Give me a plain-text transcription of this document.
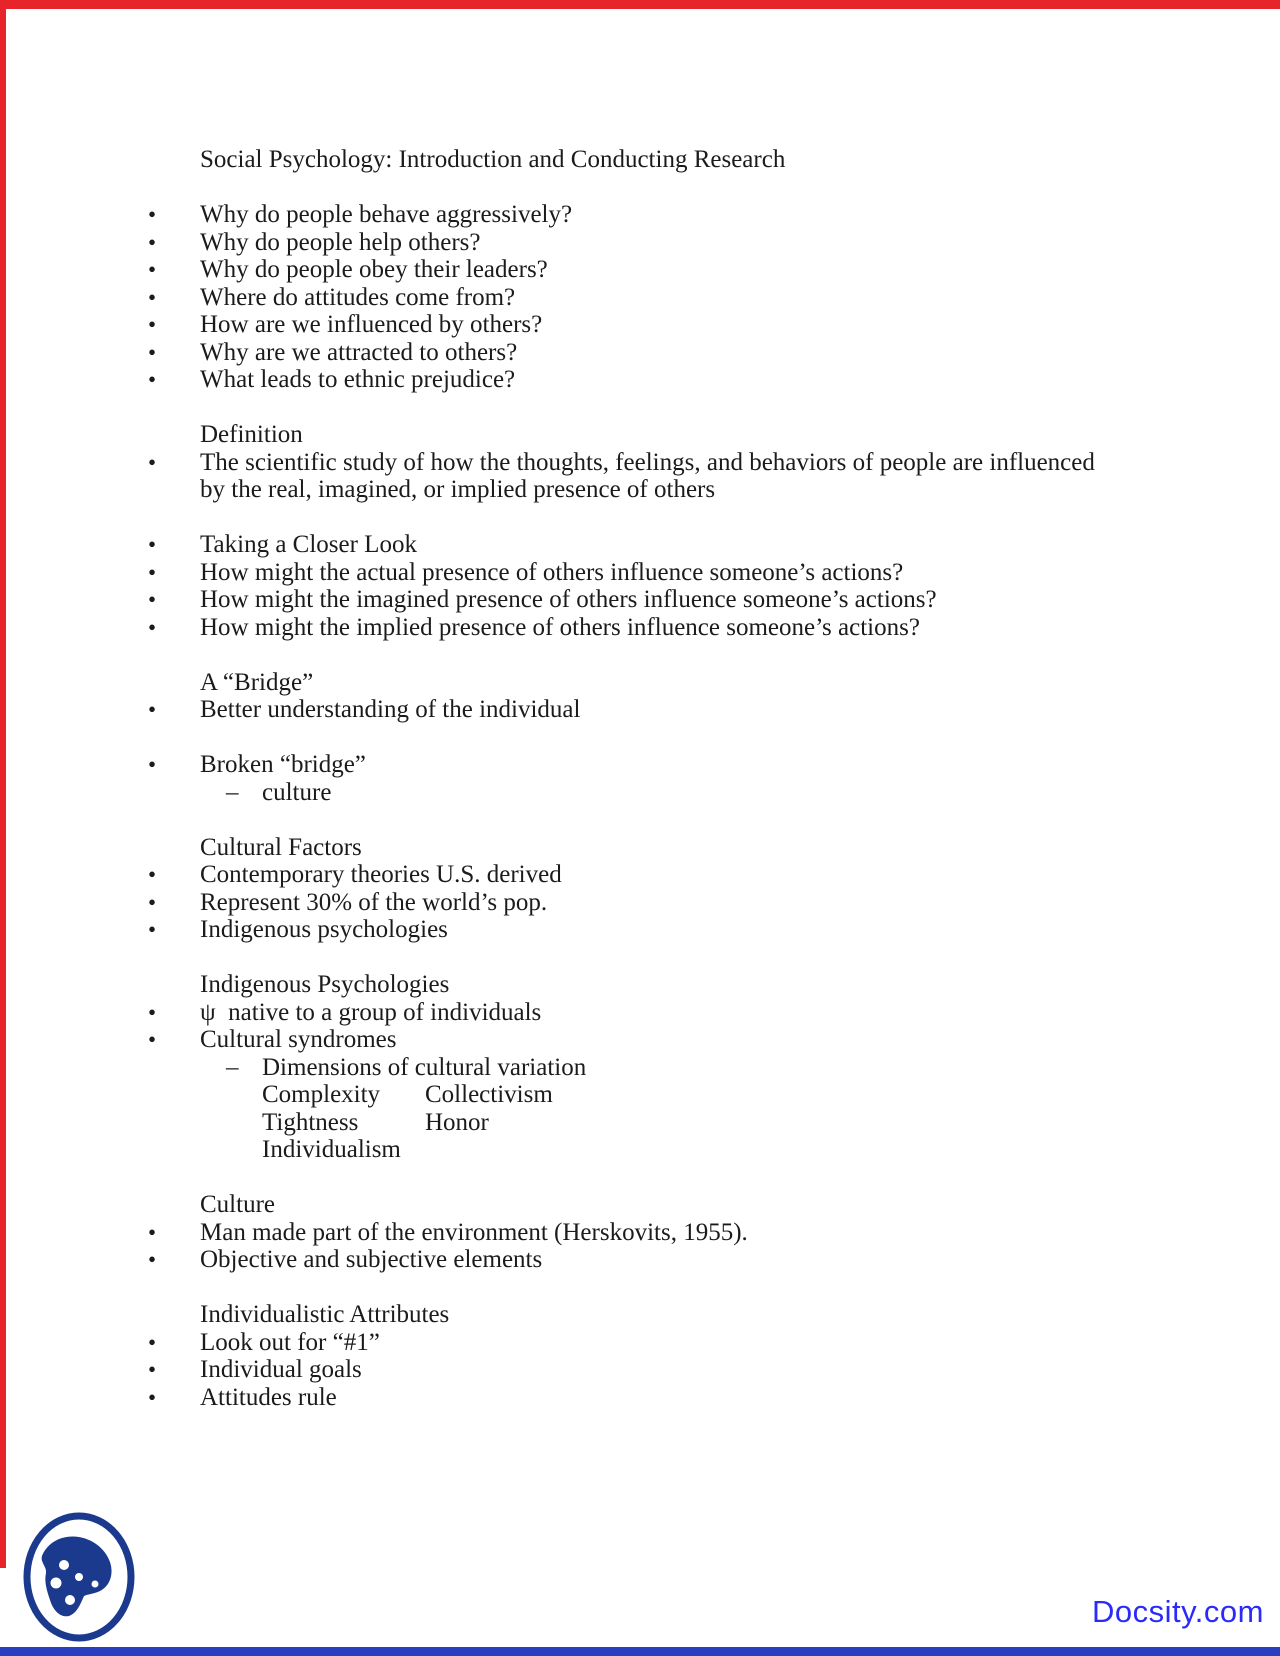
Social Psychology: Introduction and Conducting Research
• Why do people behave aggressively?
• Why do people help others?
• Why do people obey their leaders?
• Where do attitudes come from?
• How are we influenced by others?
• Why are we attracted to others?
• What leads to ethnic prejudice?
Definition
• The scientific study of how the thoughts, feelings, and behaviors of people are influenced
by the real, imagined, or implied presence of others
• Taking a Closer Look
• How might the actual presence of others influence someone’s actions?
• How might the imagined presence of others influence someone’s actions?
• How might the implied presence of others influence someone’s actions?
A “Bridge”
• Better understanding of the individual
• Broken “bridge”
– culture
Cultural Factors
• Contemporary theories U.S. derived
• Represent 30% of the world’s pop.
• Indigenous psychologies
Indigenous Psychologies
• ψ  native to a group of individuals
• Cultural syndromes
– Dimensions of cultural variation
Complexity Collectivism
Tightness	Honor
Individualism
Culture
• Man made part of the environment (Herskovits, 1955).
• Objective and subjective elements
Individualistic Attributes
• Look out for “#1”
• Individual goals
• Attitudes rule
Docsity.com
